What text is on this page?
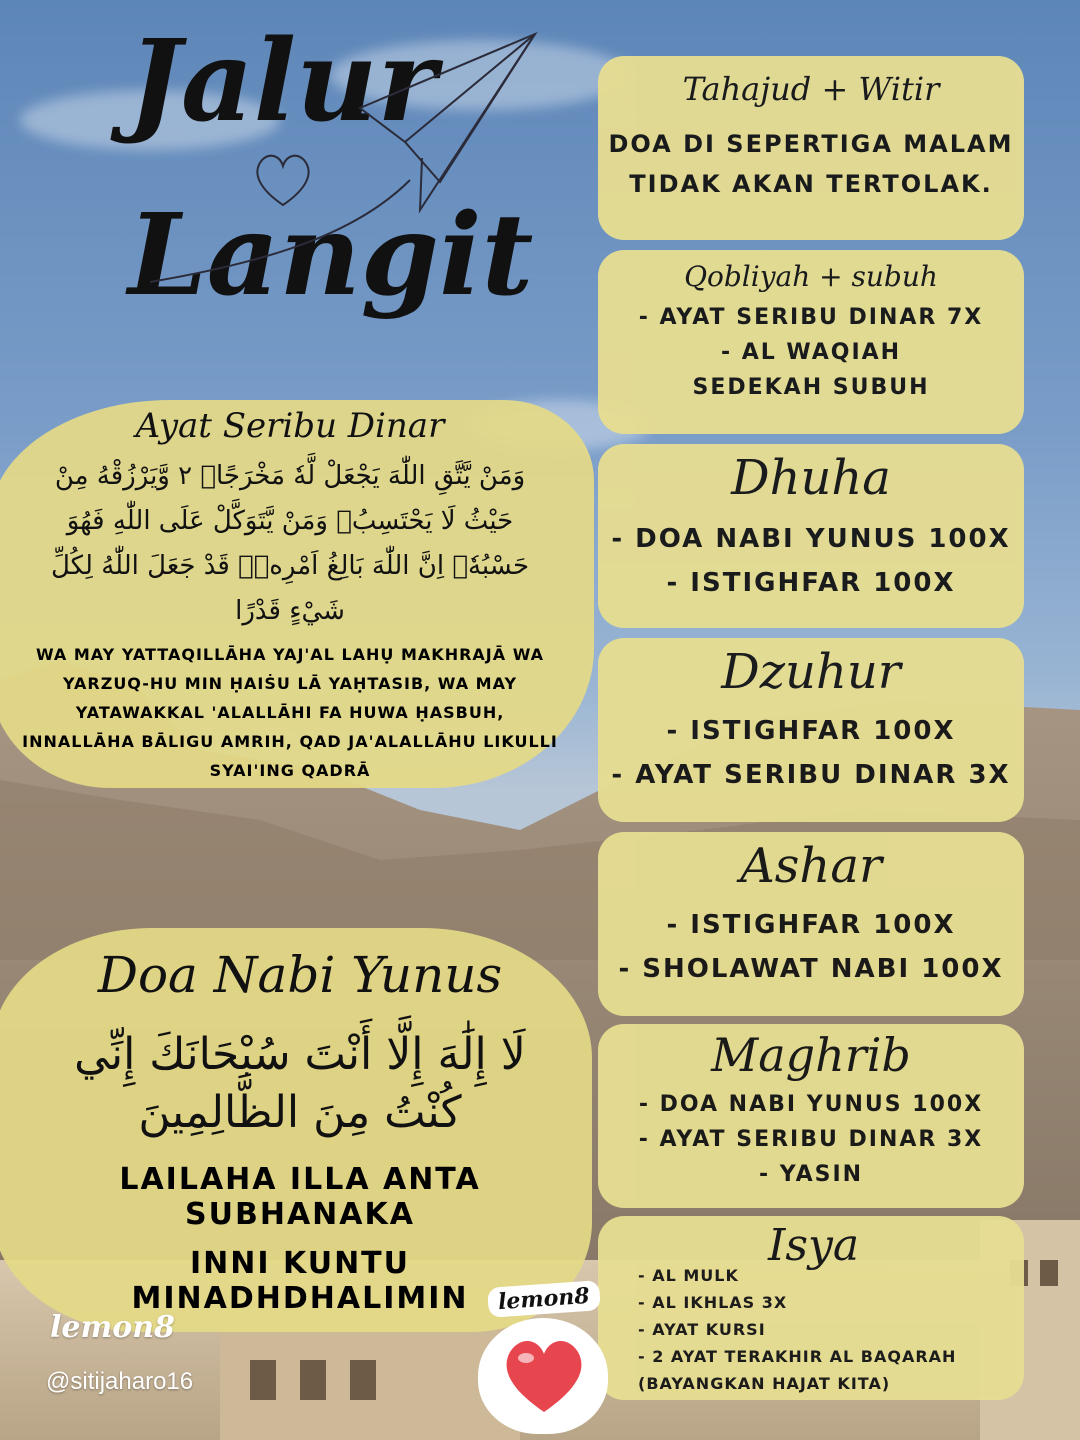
Jalur
Langit
Ayat Seribu Dinar
وَمَنْ يَّتَّقِ اللّٰهَ يَجْعَلْ لَّهٗ مَخْرَجًاۙ ٢ وَّيَرْزُقْهُ مِنْ حَيْثُ لَا يَحْتَسِبُۗ وَمَنْ يَّتَوَكَّلْ عَلَى اللّٰهِ فَهُوَ حَسْبُهٗۗ اِنَّ اللّٰهَ بَالِغُ اَمْرِهٖۗ قَدْ جَعَلَ اللّٰهُ لِكُلِّ شَيْءٍ قَدْرًا
WA MAY YATTAQILLĀHA YAJ'AL LAHỤ MAKHRAJĀ WA YARZUQ-HU MIN ḤAIṠU LĀ YAḤTASIB, WA MAY YATAWAKKAL 'ALALLĀHI FA HUWA ḤASBUH, INNALLĀHA BĀLIGU AMRIH, QAD JA'ALALLĀHU LIKULLI SYAI'ING QADRĀ
Doa Nabi Yunus
لَا إِلَٰهَ إِلَّا أَنْتَ سُبْحَانَكَ إِنِّي
كُنْتُ مِنَ الظَّالِمِينَ
LAILAHA ILLA ANTA SUBHANAKA
INNI KUNTU MINADHDHALIMIN
Tahajud + Witir
DOA DI SEPERTIGA MALAM
TIDAK AKAN TERTOLAK.
Qobliyah + subuh
- AYAT SERIBU DINAR 7X
- AL WAQIAH
SEDEKAH SUBUH
Dhuha
- DOA NABI YUNUS 100X
- ISTIGHFAR 100X
Dzuhur
- ISTIGHFAR 100X
- AYAT SERIBU DINAR 3X
Ashar
- ISTIGHFAR 100X
- SHOLAWAT NABI 100X
Maghrib
- DOA NABI YUNUS 100X
- AYAT SERIBU DINAR 3X
- YASIN
Isya
- AL MULK
- AL IKHLAS 3X
- AYAT KURSI
- 2 AYAT TERAKHIR AL BAQARAH
(BAYANGKAN HAJAT KITA)
lemon8
@sitijaharo16
lemon8
